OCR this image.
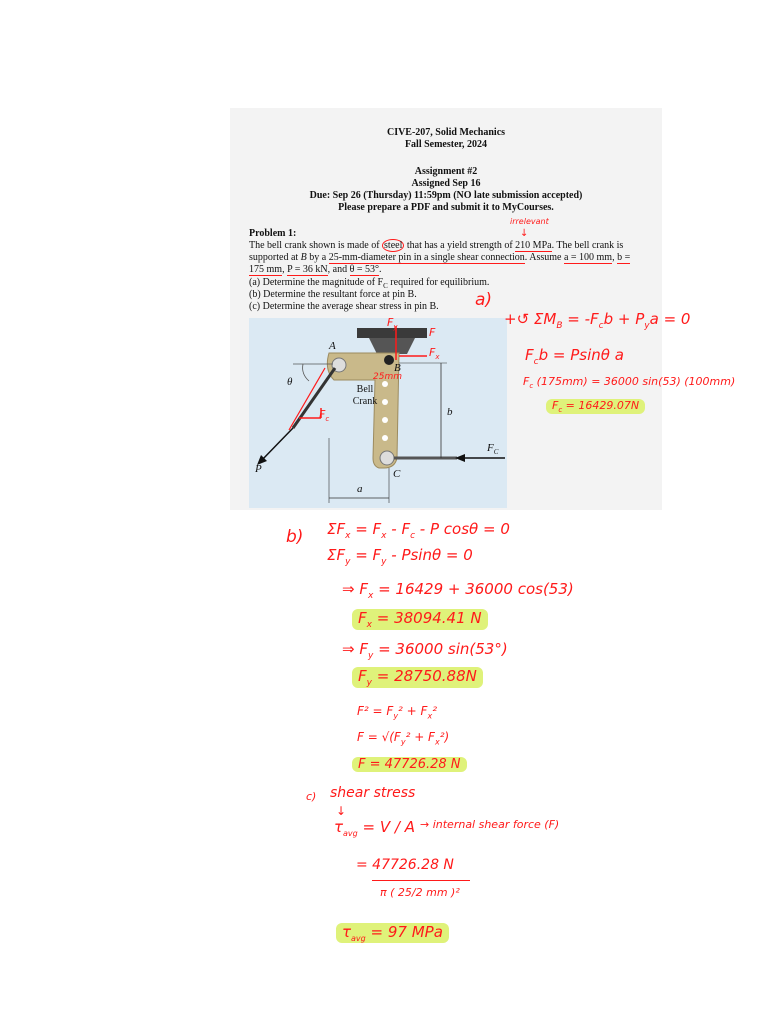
CIVE-207, Solid Mechanics
Fall Semester, 2024
Assignment #2
Assigned Sep 16
Due: Sep 26 (Thursday) 11:59pm (NO late submission accepted)
Please prepare a PDF and submit it to MyCourses.
Problem 1:
The bell crank shown is made of steel that has a yield strength of 210 MPa. The bell crank is
supported at B by a 25-mm-diameter pin in a single shear connection. Assume a = 100 mm, b =
175 mm, P = 36 kN, and θ = 53°.
(a) Determine the magnitude of $F_C$ required for equilibrium.
(b) Determine the resultant force at pin B.
(c) Determine the average shear stress in pin B.
A
B
C
P
θ
a
b
$F_C$
Bell
Crank
$F_y$	F
$F_x$
25mm
$F_c$
irrelevant
↓
a)
+↺ $\Sigma M_B = -F_cb + P_ya = 0$
$F_cb = Psin\theta$ a
$F_c$ (175mm) = 36000 sin(53) (100mm)
$F_c = 16429.07N$
b) $\Sigma F_x = F_x - F_c - P$ cosθ = 0
$\Sigma F_y = F_y - Psin\theta = 0$
⇒ $F_x = 16429 + 36000$ cos(53)
$F_x = 38094.41$ N
⇒ $F_y = 36000$ sin(53°)
$F_y = 28750.88N$
$F^2 = F_y^2 + F_x^2$
$F = √(F_y^2 + F_x^2)$
F = 47726.28 N
c) shear stress
↓
$\tau_{avg} = V / A$ → internal shear force (F)
= 47726.28 N
π ( 25/2 mm )²
$\tau_{avg} = 97$ MPa
